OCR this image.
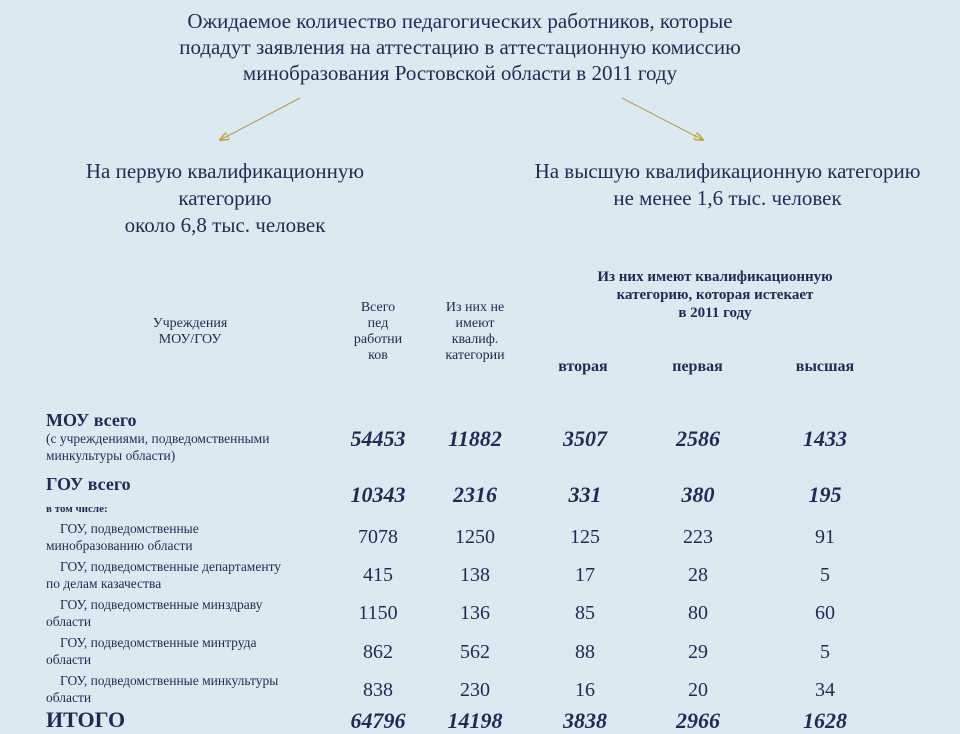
Ожидаемое количество педагогических работников, которые
подадут заявления на аттестацию в аттестационную комиссию
минобразования Ростовской области в 2011 году
На первую квалификационную
категорию
около 6,8 тыс. человек
На высшую квалификационную категорию
не менее 1,6 тыс. человек
Учреждения
МОУ/ГОУ
Всего
пед
работни
ков
Из них не
имеют
квалиф.
категории
Из них имеют квалификационную
категорию, которая истекает
в 2011 году
вторая	первая	высшая
МОУ всего
(с учреждениями, подведомственными
минкультуры области)
54453	11882	3507	2586	1433
ГОУ всего	10343	2316	331	380	195
в том числе:
ГОУ, подведомственные
минобразованию области	7078	1250	125	223	91
ГОУ, подведомственные департаменту
по делам казачества	415	138	17	28	5
ГОУ, подведомственные минздраву
области	1150	136	85	80	60
ГОУ, подведомственные минтруда
области	862	562	88	29	5
ГОУ, подведомственные минкультуры
области	838	230	16	20	34
ИТОГО	64796	14198	3838	2966	1628
